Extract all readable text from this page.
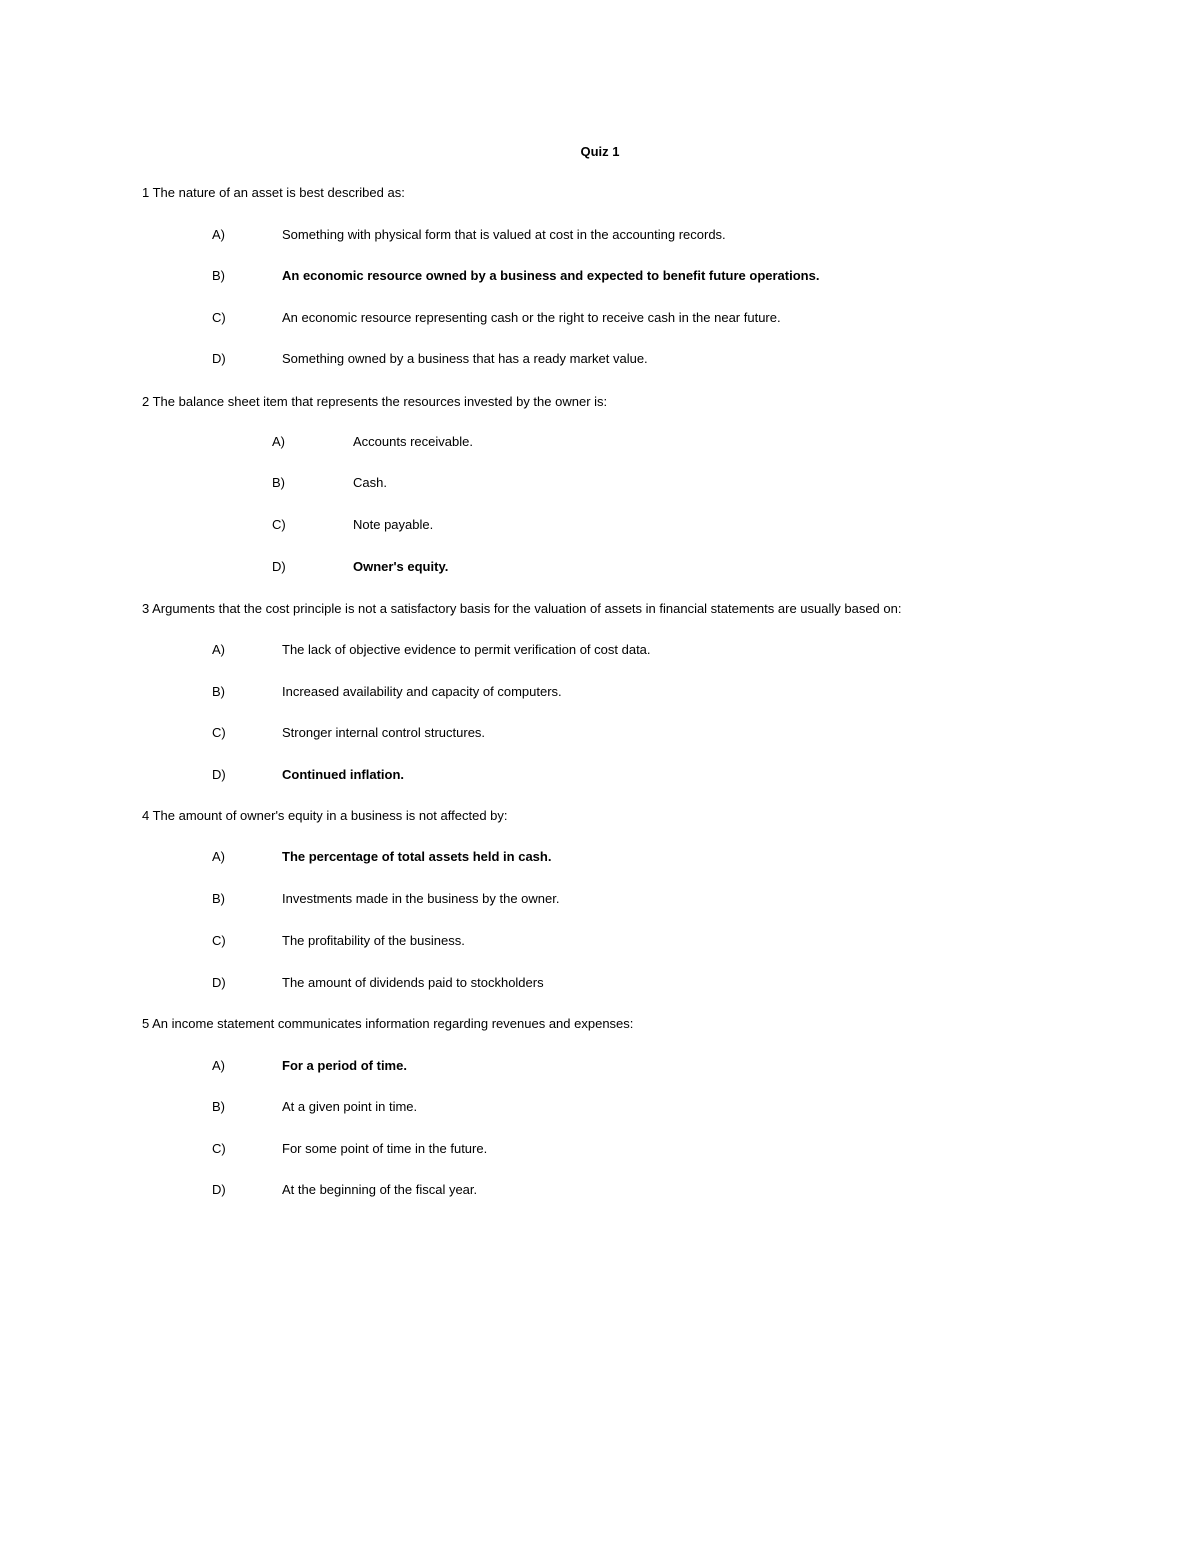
Quiz 1
1 The nature of an asset is best described as:
A)	Something with physical form that is valued at cost in the accounting records.
B)	An economic resource owned by a business and expected to benefit future operations.
C)	An economic resource representing cash or the right to receive cash in the near future.
D)	Something owned by a business that has a ready market value.
2 The balance sheet item that represents the resources invested by the owner is:
A)	Accounts receivable.
B)	Cash.
C)	Note payable.
D)	Owner's equity.
3 Arguments that the cost principle is not a satisfactory basis for the valuation of assets in financial statements are usually based on:
A)	The lack of objective evidence to permit verification of cost data.
B)	Increased availability and capacity of computers.
C)	Stronger internal control structures.
D)	Continued inflation.
4 The amount of owner's equity in a business is not affected by:
A)	The percentage of total assets held in cash.
B)	Investments made in the business by the owner.
C)	The profitability of the business.
D)	The amount of dividends paid to stockholders
5 An income statement communicates information regarding revenues and expenses:
A)	For a period of time.
B)	At a given point in time.
C)	For some point of time in the future.
D)	At the beginning of the fiscal year.
